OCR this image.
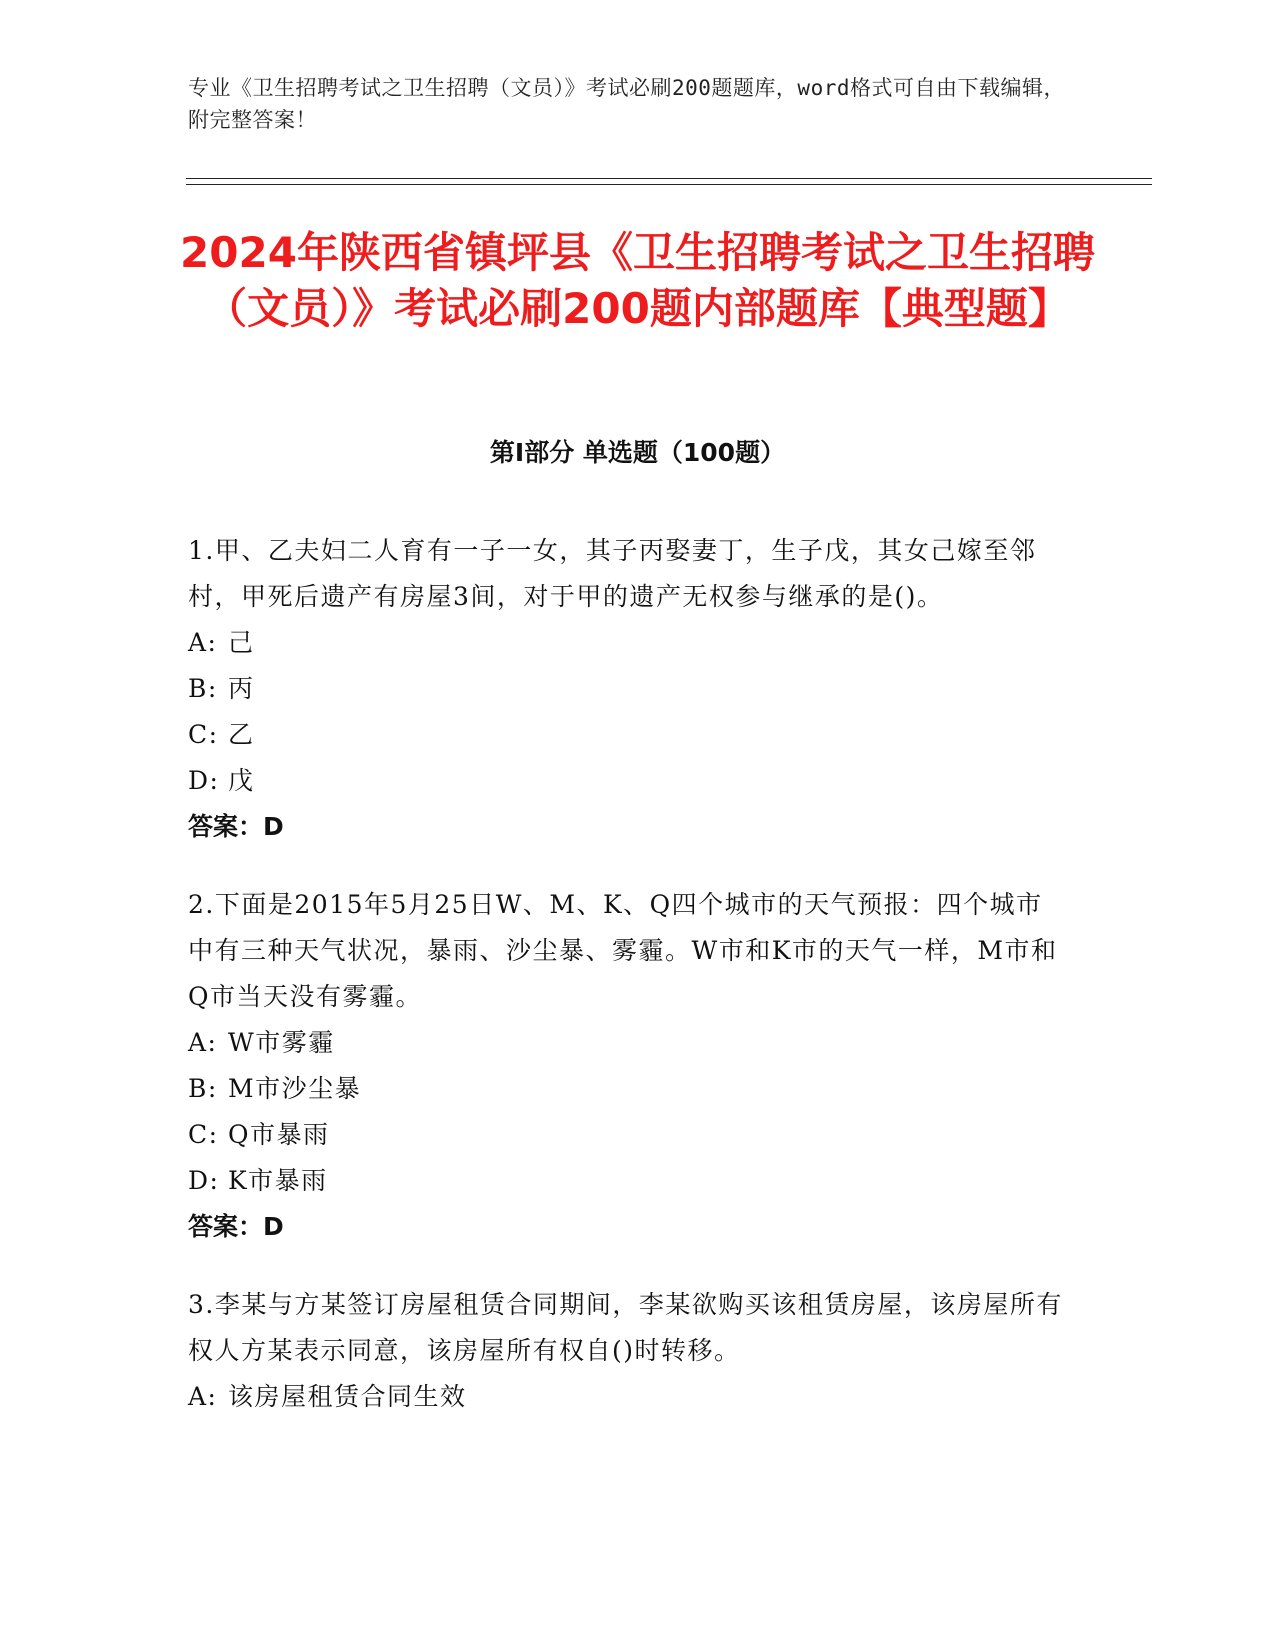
专业《卫生招聘考试之卫生招聘（文员）》考试必刷200题题库，word格式可自由下载编辑，附完整答案！
2024年陕西省镇坪县《卫生招聘考试之卫生招聘（文员）》考试必刷200题内部题库【典型题】
第Ⅰ部分 单选题（100题）
1.甲、乙夫妇二人育有一子一女，其子丙娶妻丁，生子戊，其女己嫁至邻村，甲死后遗产有房屋3间，对于甲的遗产无权参与继承的是()。
A: 己
B: 丙
C: 乙
D: 戊
答案：D
2.下面是2015年5月25日W、M、K、Q四个城市的天气预报：四个城市中有三种天气状况，暴雨、沙尘暴、雾霾。W市和K市的天气一样，M市和Q市当天没有雾霾。
A: W市雾霾
B: M市沙尘暴
C: Q市暴雨
D: K市暴雨
答案：D
3.李某与方某签订房屋租赁合同期间，李某欲购买该租赁房屋，该房屋所有权人方某表示同意，该房屋所有权自()时转移。
A: 该房屋租赁合同生效
